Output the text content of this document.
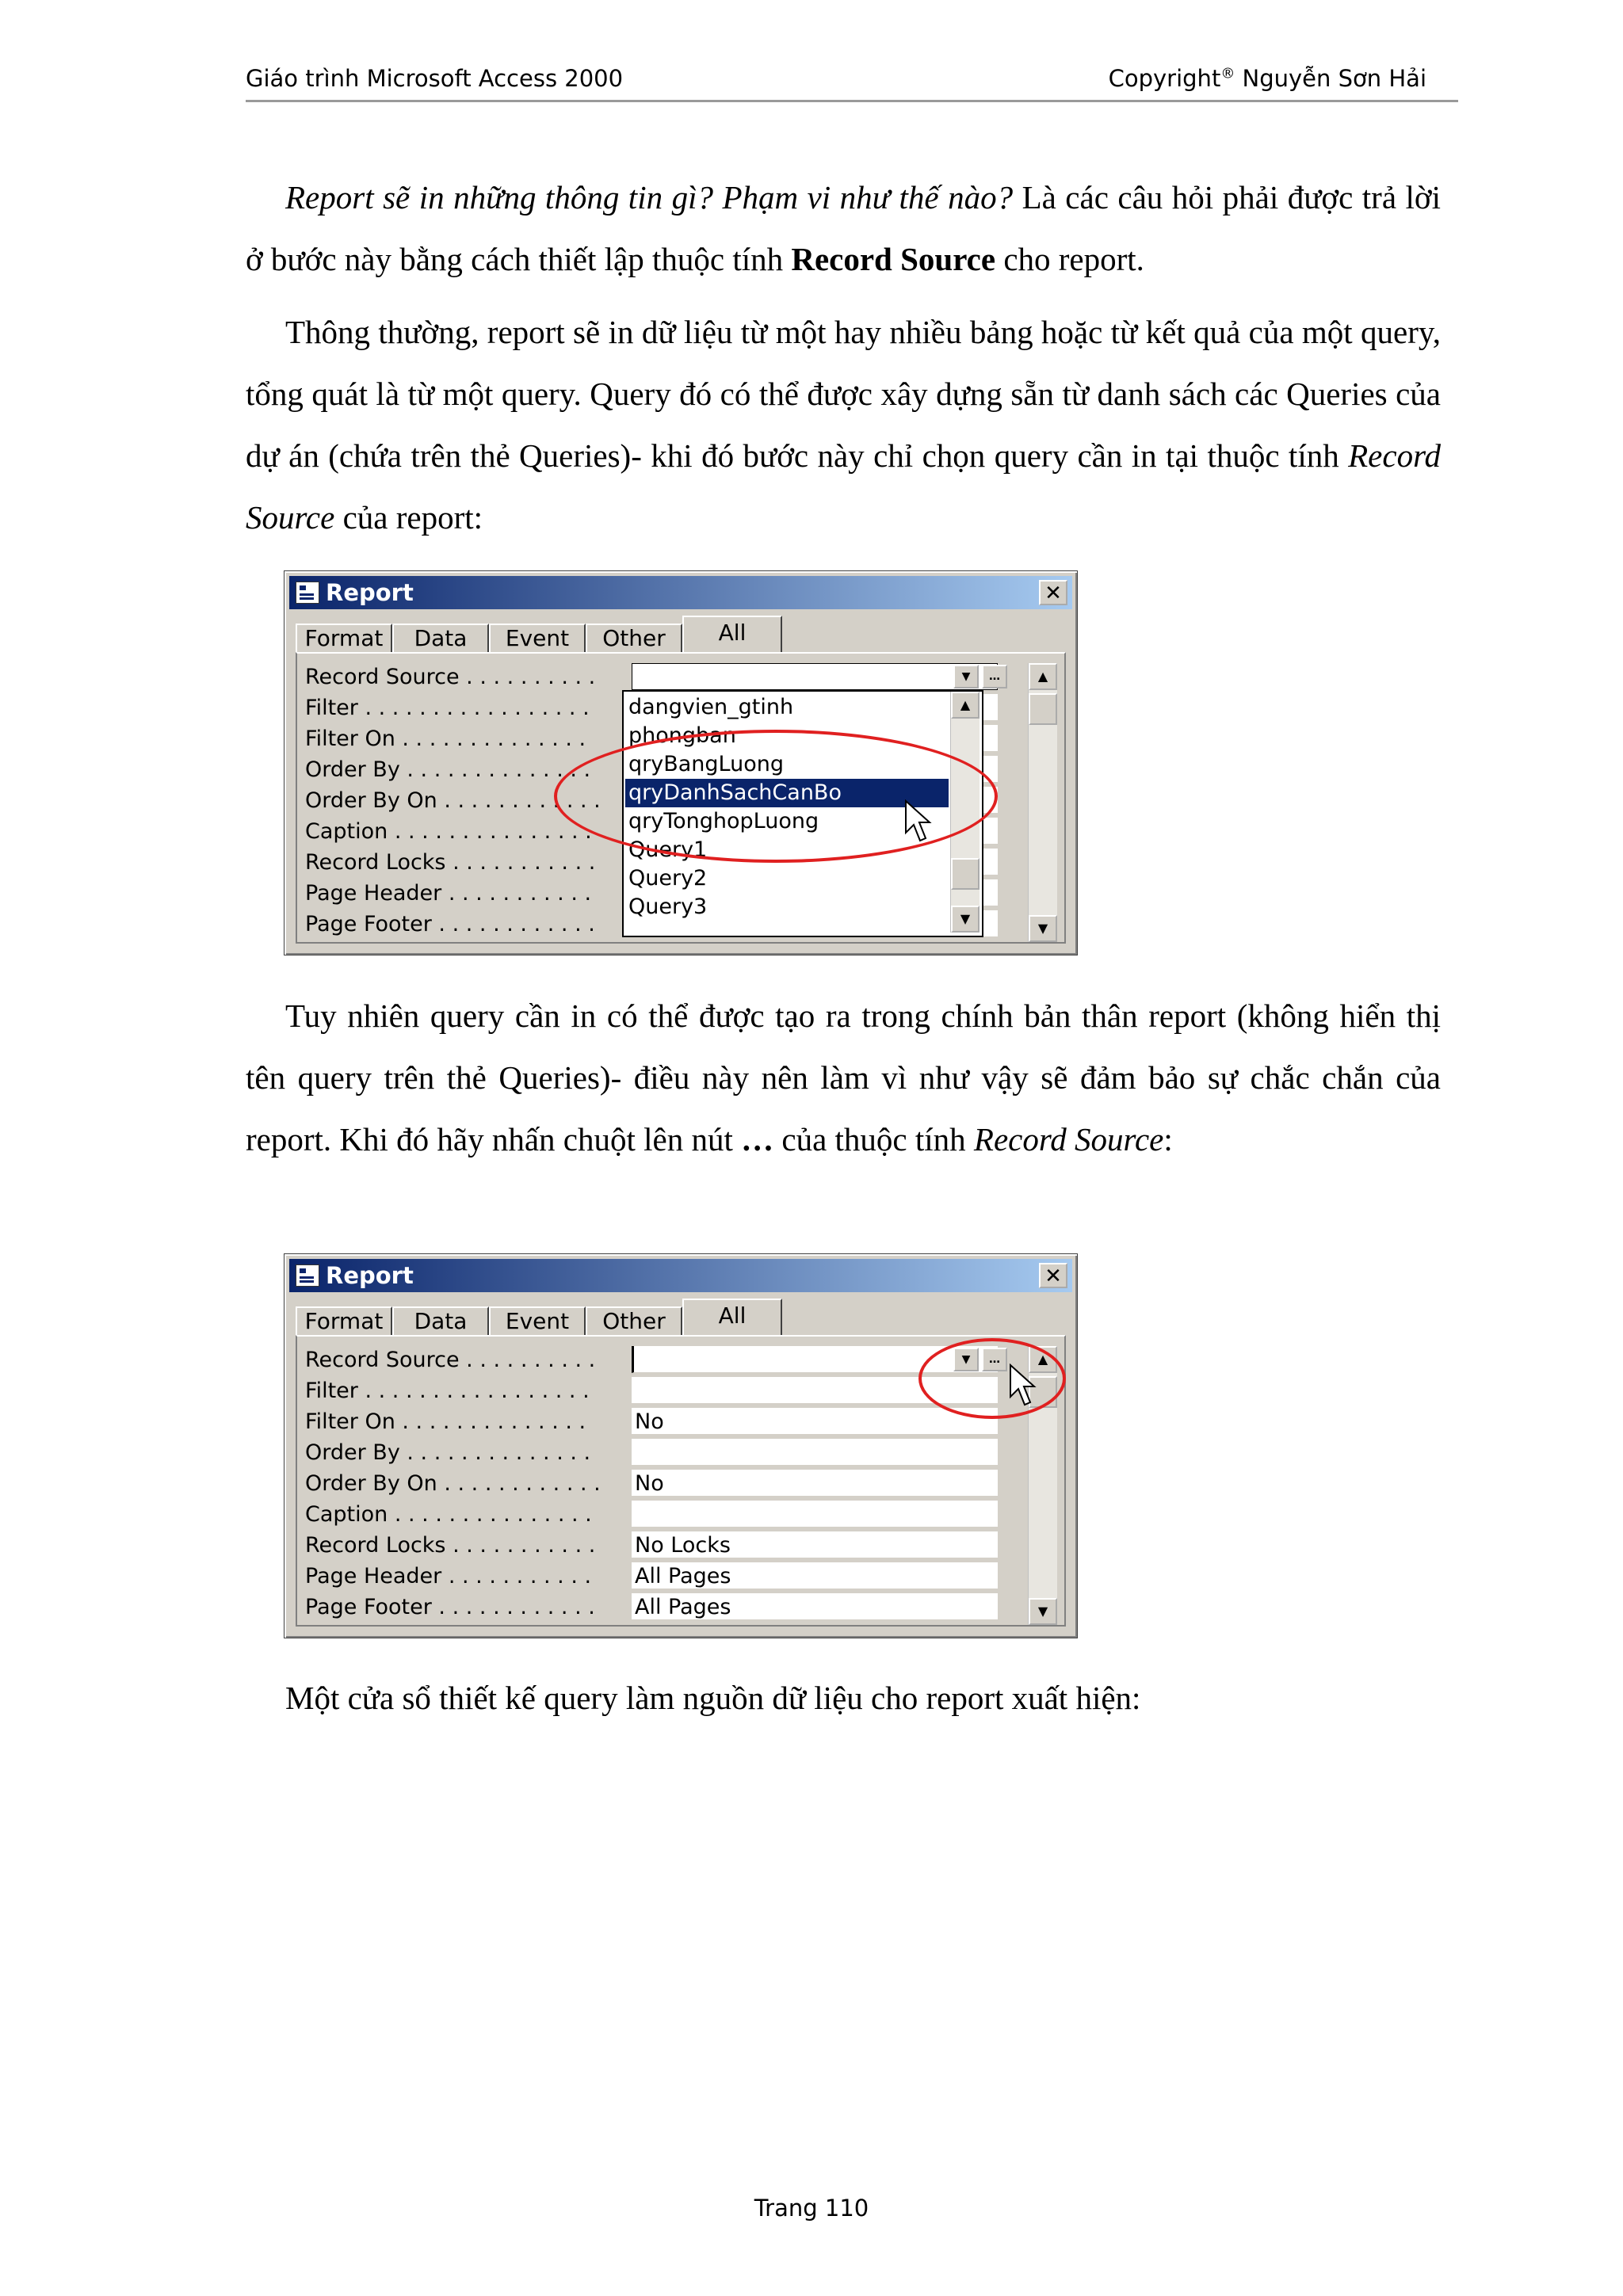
Giáo trình Microsoft Access 2000	Copyright® Nguyễn Sơn Hải

Report sẽ in những thông tin gì? Phạm vi như thế nào? Là các câu hỏi phải được trả lời ở bước này bằng cách thiết lập thuộc tính Record Source cho report.

Thông thường, report sẽ in dữ liệu từ một hay nhiều bảng hoặc từ kết quả của một query, tổng quát là từ một query. Query đó có thể được xây dựng sẵn từ danh sách các Queries của dự án (chứa trên thẻ Queries)- khi đó bước này chỉ chọn query cần in tại thuộc tính Record Source của report:

Report	✕
Format	Data	Event	Other	All
Record Source . . . . . . . . . .
Filter . . . . . . . . . . . . . . . . .
Filter On . . . . . . . . . . . . . .
Order By . . . . . . . . . . . . . .
Order By On . . . . . . . . . . . .
Caption . . . . . . . . . . . . . . .
Record Locks . . . . . . . . . . .
Page Header . . . . . . . . . . .
Page Footer . . . . . . . . . . . .
▼	…	▲
▼
dangvien_gtinh
phongban
qryBangLuong
qryDanhSachCanBo
qryTonghopLuong
Query1
Query2
Query3
▲
▼

Tuy nhiên query cần in có thể được tạo ra trong chính bản thân report (không hiển thị tên query trên thẻ Queries)- điều này nên làm vì như vậy sẽ đảm bảo sự chắc chắn của report. Khi đó hãy nhấn chuột lên nút … của thuộc tính Record Source:

Report	✕
Format	Data	Event	Other	All
Record Source . . . . . . . . . .
Filter . . . . . . . . . . . . . . . . .
Filter On . . . . . . . . . . . . . .	No
Order By . . . . . . . . . . . . . .
Order By On . . . . . . . . . . . .	No
Caption . . . . . . . . . . . . . . .
Record Locks . . . . . . . . . . .	No Locks
Page Header . . . . . . . . . . .	All Pages
Page Footer . . . . . . . . . . . .	All Pages
▼	…	▲
▼

Một cửa sổ thiết kế query làm nguồn dữ liệu cho report xuất hiện:

Trang 110
